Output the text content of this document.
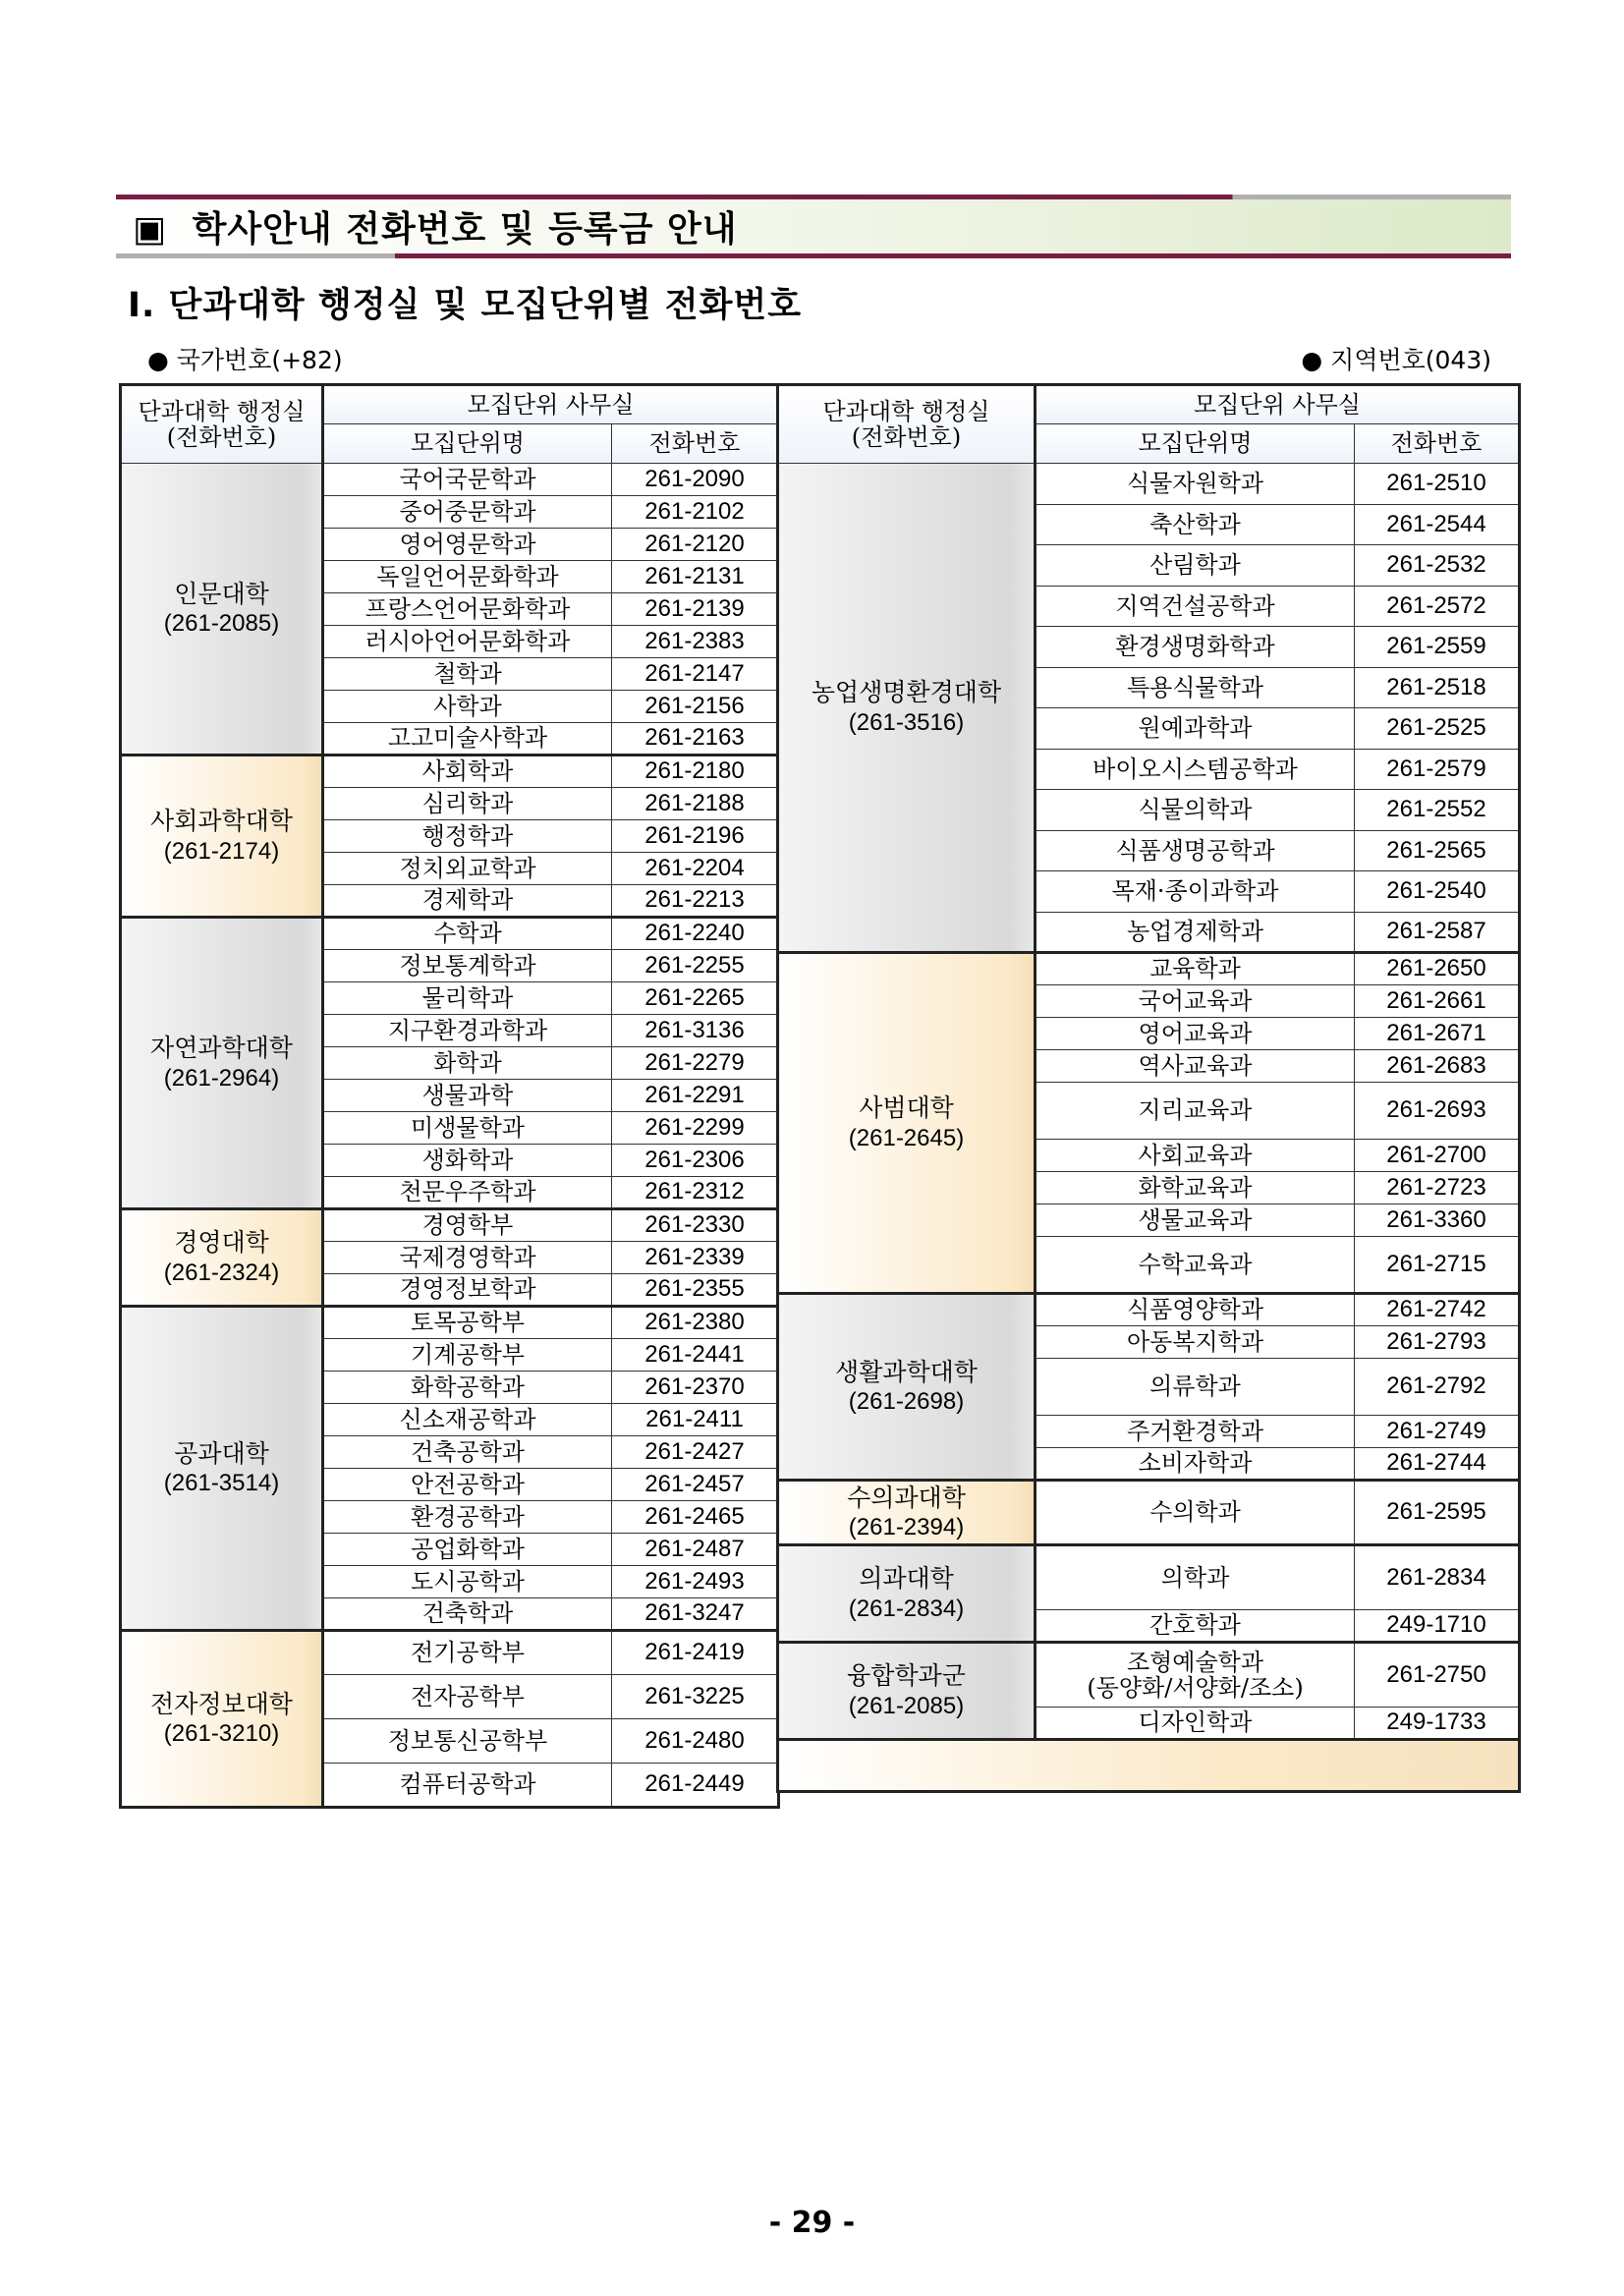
▣ 학사안내 전화번호 및 등록금 안내
Ⅰ. 단과대학 행정실 및 모집단위별 전화번호
● 국가번호(+82)	● 지역번호(043)
단과대학 행정실
(전화번호)	모집단위 사무실	
	모집단위명	전화번호

인문대학
(261-2085)	국어국문학과	261-2090
	중어중문학과	261-2102
	영어영문학과	261-2120
	독일언어문화학과	261-2131
	프랑스언어문화학과	261-2139
	러시아언어문화학과	261-2383
	철학과	261-2147
	사학과	261-2156
	고고미술사학과	261-2163

사회과학대학
(261-2174)	사회학과	261-2180
	심리학과	261-2188
	행정학과	261-2196
	정치외교학과	261-2204
	경제학과	261-2213

자연과학대학
(261-2964)	수학과	261-2240
	정보통계학과	261-2255
	물리학과	261-2265
	지구환경과학과	261-3136
	화학과	261-2279
	생물과학	261-2291
	미생물학과	261-2299
	생화학과	261-2306
	천문우주학과	261-2312

경영대학
(261-2324)	경영학부	261-2330
	국제경영학과	261-2339
	경영정보학과	261-2355

공과대학
(261-3514)	토목공학부	261-2380
	기계공학부	261-2441
	화학공학과	261-2370
	신소재공학과	261-2411
	건축공학과	261-2427
	안전공학과	261-2457
	환경공학과	261-2465
	공업화학과	261-2487
	도시공학과	261-2493
	건축학과	261-3247

전자정보대학
(261-3210)	전기공학부	261-2419
	전자공학부	261-3225
	정보통신공학부	261-2480
	컴퓨터공학과	261-2449
단과대학 행정실
(전화번호)	모집단위 사무실	
	모집단위명	전화번호

농업생명환경대학
(261-3516)	식물자원학과	261-2510
	축산학과	261-2544
	산림학과	261-2532
	지역건설공학과	261-2572
	환경생명화학과	261-2559
	특용식물학과	261-2518
	원예과학과	261-2525
	바이오시스템공학과	261-2579
	식물의학과	261-2552
	식품생명공학과	261-2565
	목재·종이과학과	261-2540
	농업경제학과	261-2587

사범대학
(261-2645)	교육학과	261-2650
	국어교육과	261-2661
	영어교육과	261-2671
	역사교육과	261-2683
	지리교육과	261-2693
	사회교육과	261-2700
	화학교육과	261-2723
	생물교육과	261-3360
	수학교육과	261-2715

생활과학대학
(261-2698)	식품영양학과	261-2742
	아동복지학과	261-2793
	의류학과	261-2792
	주거환경학과	261-2749
	소비자학과	261-2744

수의과대학
(261-2394)	수의학과	261-2595

의과대학
(261-2834)	의학과	261-2834
	간호학과	249-1710

융합학과군
(261-2085)	조형예술학과
(동양화/서양화/조소)	261-2750
	디자인학과	249-1733

- 29 -
